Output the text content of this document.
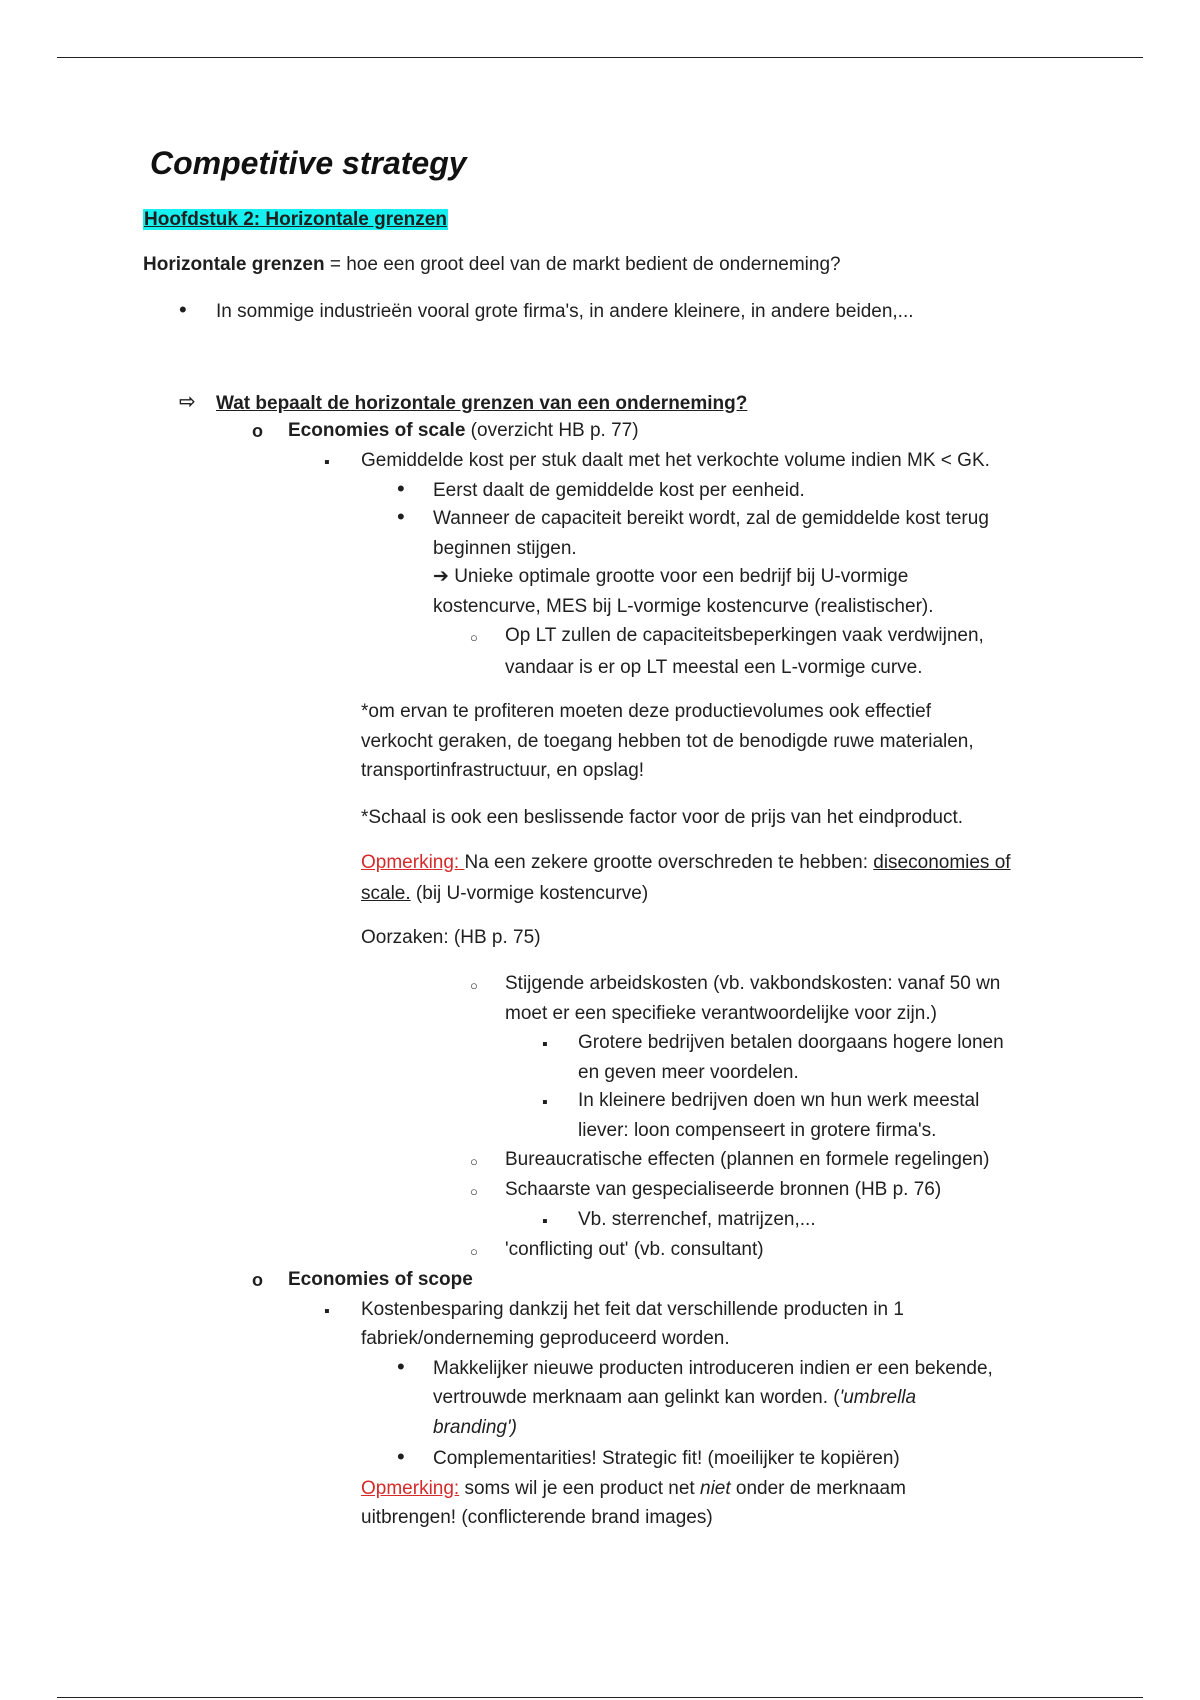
Competitive strategy
Hoofdstuk 2: Horizontale grenzen
Horizontale grenzen = hoe een groot deel van de markt bedient de onderneming?
•
In sommige industrieën vooral grote firma's, in andere kleinere, in andere beiden,...
⇨
Wat bepaalt de horizontale grenzen van een onderneming?
o
Economies of scale (overzicht HB p. 77)
▪
Gemiddelde kost per stuk daalt met het verkochte volume indien MK < GK.
•
Eerst daalt de gemiddelde kost per eenheid.
•
Wanneer de capaciteit bereikt wordt, zal de gemiddelde kost terug
beginnen stijgen.
➔ Unieke optimale grootte voor een bedrijf bij U-vormige
kostencurve, MES bij L-vormige kostencurve (realistischer).
○
Op LT zullen de capaciteitsbeperkingen vaak verdwijnen,
vandaar is er op LT meestal een L-vormige curve.
*om ervan te profiteren moeten deze productievolumes ook effectief
verkocht geraken, de toegang hebben tot de benodigde ruwe materialen,
transportinfrastructuur, en opslag!
*Schaal is ook een beslissende factor voor de prijs van het eindproduct.
Opmerking: Na een zekere grootte overschreden te hebben: diseconomies of
scale. (bij U-vormige kostencurve)
Oorzaken: (HB p. 75)
○
Stijgende arbeidskosten (vb. vakbondskosten: vanaf 50 wn
moet er een specifieke verantwoordelijke voor zijn.)
▪
Grotere bedrijven betalen doorgaans hogere lonen
en geven meer voordelen.
▪
In kleinere bedrijven doen wn hun werk meestal
liever: loon compenseert in grotere firma's.
○
Bureaucratische effecten (plannen en formele regelingen)
○
Schaarste van gespecialiseerde bronnen (HB p. 76)
▪
Vb. sterrenchef, matrijzen,...
○
'conflicting out' (vb. consultant)
o
Economies of scope
▪
Kostenbesparing dankzij het feit dat verschillende producten in 1
fabriek/onderneming geproduceerd worden.
•
Makkelijker nieuwe producten introduceren indien er een bekende,
vertrouwde merknaam aan gelinkt kan worden. ('umbrella
branding')
•
Complementarities! Strategic fit! (moeilijker te kopiëren)
Opmerking: soms wil je een product net niet onder de merknaam
uitbrengen! (conflicterende brand images)
